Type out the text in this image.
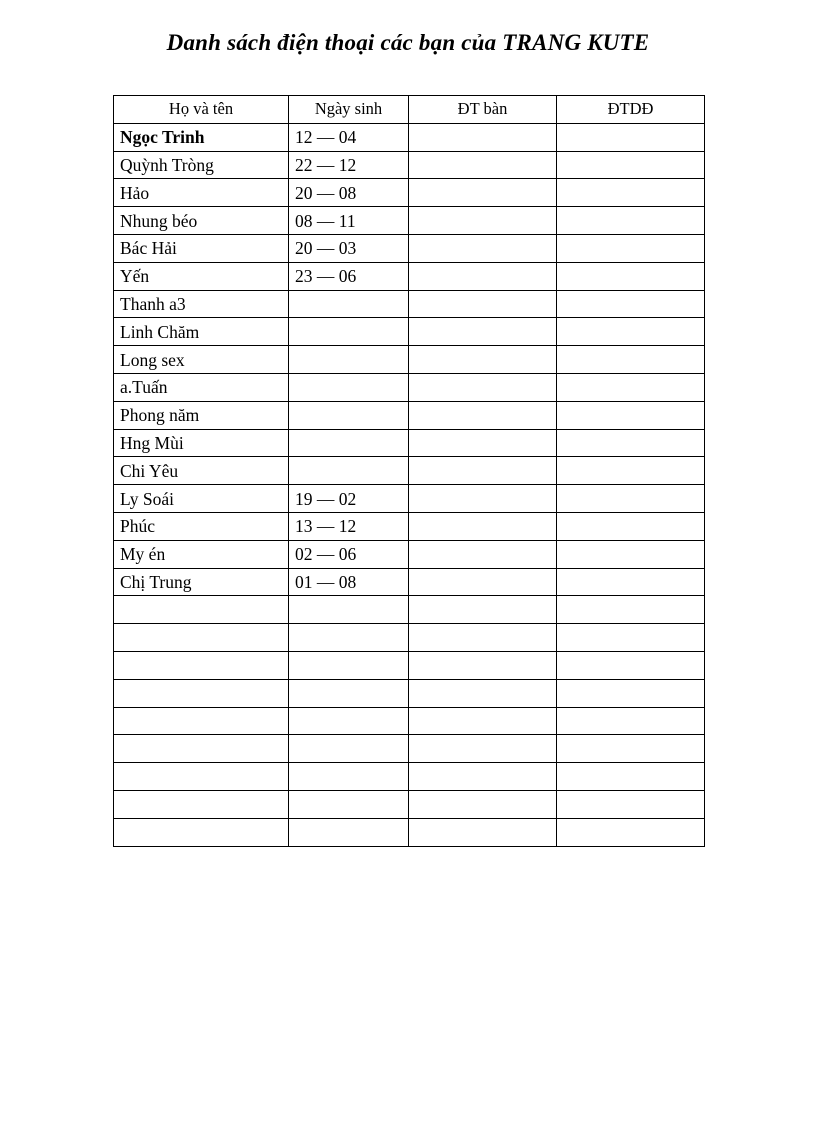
Danh sách điện thoại các bạn của TRANG KUTE
Họ và tên	Ngày sinh	ĐT bàn	ĐTDĐ
Ngọc Trinh	12 — 04		
Quỳnh Tròng	22 — 12		
Hảo	20 — 08		
Nhung béo	08 — 11		
Bác Hải	20 — 03		
Yến	23 — 06		
Thanh a3			
Linh Chăm			
Long sex			
a.Tuấn			
Phong năm			
Hng Mùi			
Chi Yêu			
Ly Soái	19 — 02		
Phúc	13 — 12		
My én	02 — 06		
Chị Trung	01 — 08		
